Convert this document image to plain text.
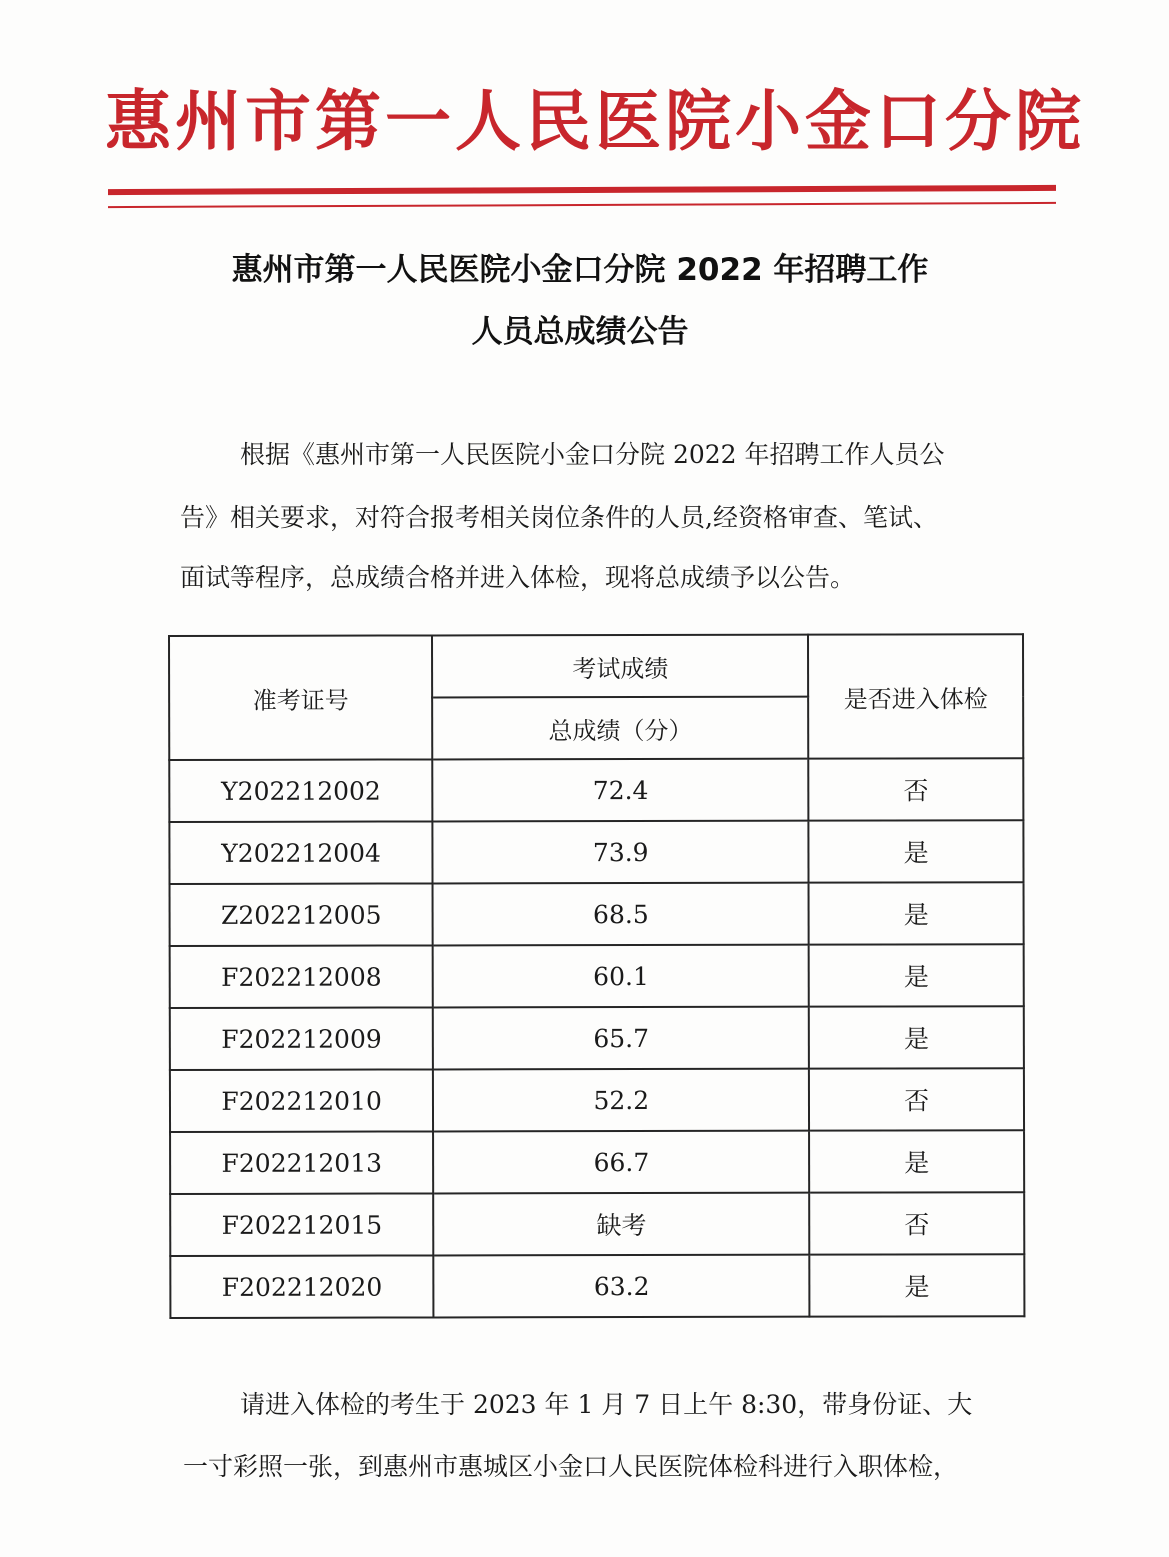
惠州市第一人民医院小金口分院
惠州市第一人民医院小金口分院 2022 年招聘工作
人员总成绩公告
根据《惠州市第一人民医院小金口分院 2022 年招聘工作人员公
告》相关要求，对符合报考相关岗位条件的人员,经资格审查、笔试、
面试等程序，总成绩合格并进入体检，现将总成绩予以公告。
准考证号	考试成绩	是否进入体检
	总成绩（分）	
Y202212002	72.4	否
Y202212004	73.9	是
Z202212005	68.5	是
F202212008	60.1	是
F202212009	65.7	是
F202212010	52.2	否
F202212013	66.7	是
F202212015	缺考	否
F202212020	63.2	是
请进入体检的考生于 2023 年 1 月 7 日上午 8:30，带身份证、大
一寸彩照一张，到惠州市惠城区小金口人民医院体检科进行入职体检，
